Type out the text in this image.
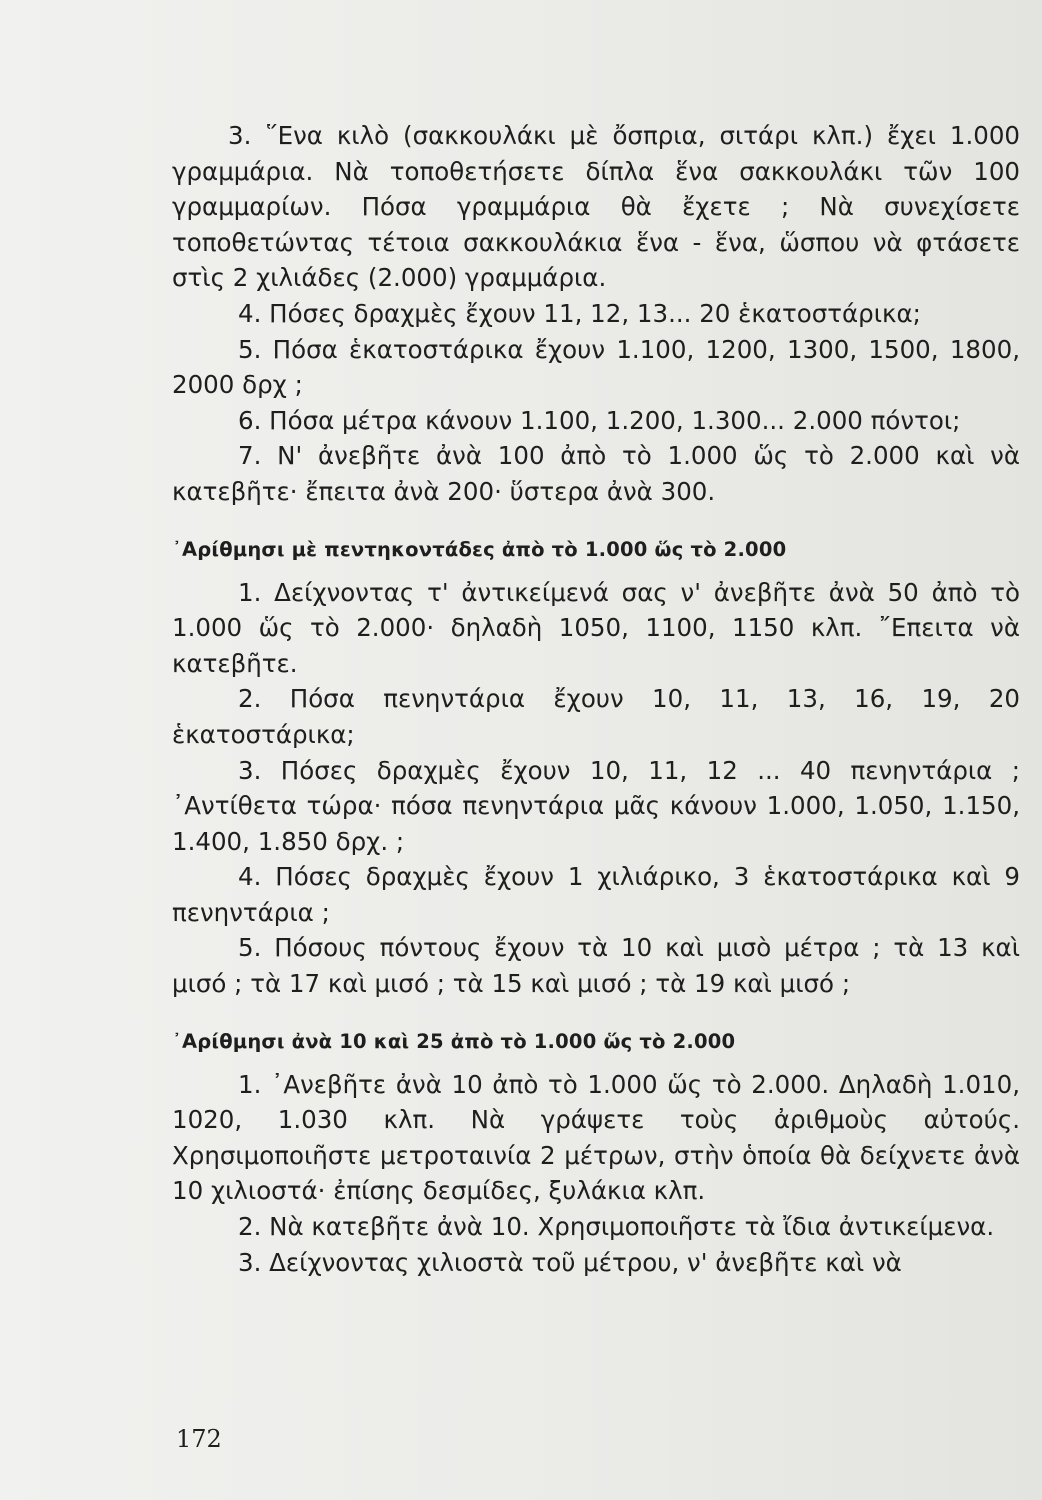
3. ῞Ενα κιλὸ (σακκουλάκι μὲ ὄσπρια, σιτάρι κλπ.) ἔχει 1.000 γραμμάρια. Νὰ τοποθετήσετε δίπλα ἕνα σακκουλάκι τῶν 100 γραμμαρίων. Πόσα γραμμάρια θὰ ἔχετε ; Νὰ συνεχίσετε τοποθετώντας τέτοια σακκουλάκια ἕνα - ἕνα, ὥσπου νὰ φτάσετε στὶς 2 χιλιάδες (2.000) γραμμάρια.

4. Πόσες δραχμὲς ἔχουν 11, 12, 13... 20 ἑκατοστάρικα;

5. Πόσα ἑκατοστάρικα ἔχουν 1.100, 1200, 1300, 1500, 1800, 2000 δρχ ;

6. Πόσα μέτρα κάνουν 1.100, 1.200, 1.300... 2.000 πόντοι;

7. Ν' ἀνεβῆτε ἀνὰ 100 ἀπὸ τὸ 1.000 ὥς τὸ 2.000 καὶ νὰ κατεβῆτε· ἔπειτα ἀνὰ 200· ὕστερα ἀνὰ 300.

᾿Αρίθμησι μὲ πεντηκοντάδες ἀπὸ τὸ 1.000 ὥς τὸ 2.000

1. Δείχνοντας τ' ἀντικείμενά σας ν' ἀνεβῆτε ἀνὰ 50 ἀπὸ τὸ 1.000 ὥς τὸ 2.000· δηλαδὴ 1050, 1100, 1150 κλπ. ῎Επειτα νὰ κατεβῆτε.

2. Πόσα πενηντάρια ἔχουν 10, 11, 13, 16, 19, 20 ἑκατοστάρικα;

3. Πόσες δραχμὲς ἔχουν 10, 11, 12 ... 40 πενηντάρια ; ᾿Αντίθετα τώρα· πόσα πενηντάρια μᾶς κάνουν 1.000, 1.050, 1.150, 1.400, 1.850 δρχ. ;

4. Πόσες δραχμὲς ἔχουν 1 χιλιάρικο, 3 ἑκατοστάρικα καὶ 9 πενηντάρια ;

5. Πόσους πόντους ἔχουν τὰ 10 καὶ μισὸ μέτρα ; τὰ 13 καὶ μισό ; τὰ 17 καὶ μισό ; τὰ 15 καὶ μισό ; τὰ 19 καὶ μισό ;

᾿Αρίθμησι ἀνὰ 10 καὶ 25 ἀπὸ τὸ 1.000 ὥς τὸ 2.000

1. ᾿Ανεβῆτε ἀνὰ 10 ἀπὸ τὸ 1.000 ὥς τὸ 2.000. Δηλαδὴ 1.010, 1020, 1.030 κλπ. Νὰ γράψετε τοὺς ἀριθμοὺς αὐτούς. Χρησιμοποιῆστε μετροταινία 2 μέτρων, στὴν ὁποία θὰ δείχνετε ἀνὰ 10 χιλιοστά· ἐπίσης δεσμίδες, ξυλάκια κλπ.

2. Νὰ κατεβῆτε ἀνὰ 10. Χρησιμοποιῆστε τὰ ἴδια ἀντικείμενα.

3. Δείχνοντας χιλιοστὰ τοῦ μέτρου, ν' ἀνεβῆτε καὶ νὰ

172
